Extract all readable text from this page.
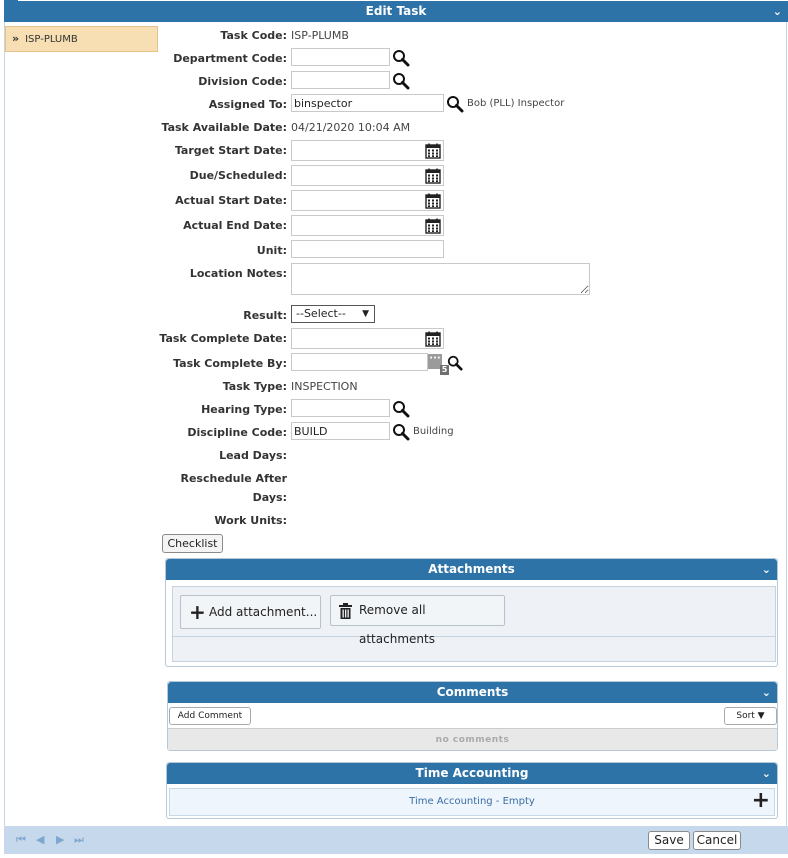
Edit Task	⌄
» ISP-PLUMB	Task Code: ISP-PLUMB
Department Code:
Division Code:
Assigned To:
binspector	Bob (PLL) Inspector
Task Available Date: 04/21/2020 10:04 AM
Target Start Date:
Due/Scheduled:
Actual Start Date:
Actual End Date:
Unit:
Location Notes:
Result: --Select-- ▼
Task Complete Date:
Task Complete By:	···
5
Task Type: INSPECTION
Hearing Type:
Discipline Code:
BUILD	Building
Lead Days:
Reschedule After
Days:
Work Units:
Checklist
Attachments	⌄
+ Add attachment...	Remove all attachments
Comments	⌄
Add Comment	Sort ▼
no comments
Time Accounting	⌄
Time Accounting - Empty	+
⏮ ◀ ▶ ⏭	Save	Cancel
